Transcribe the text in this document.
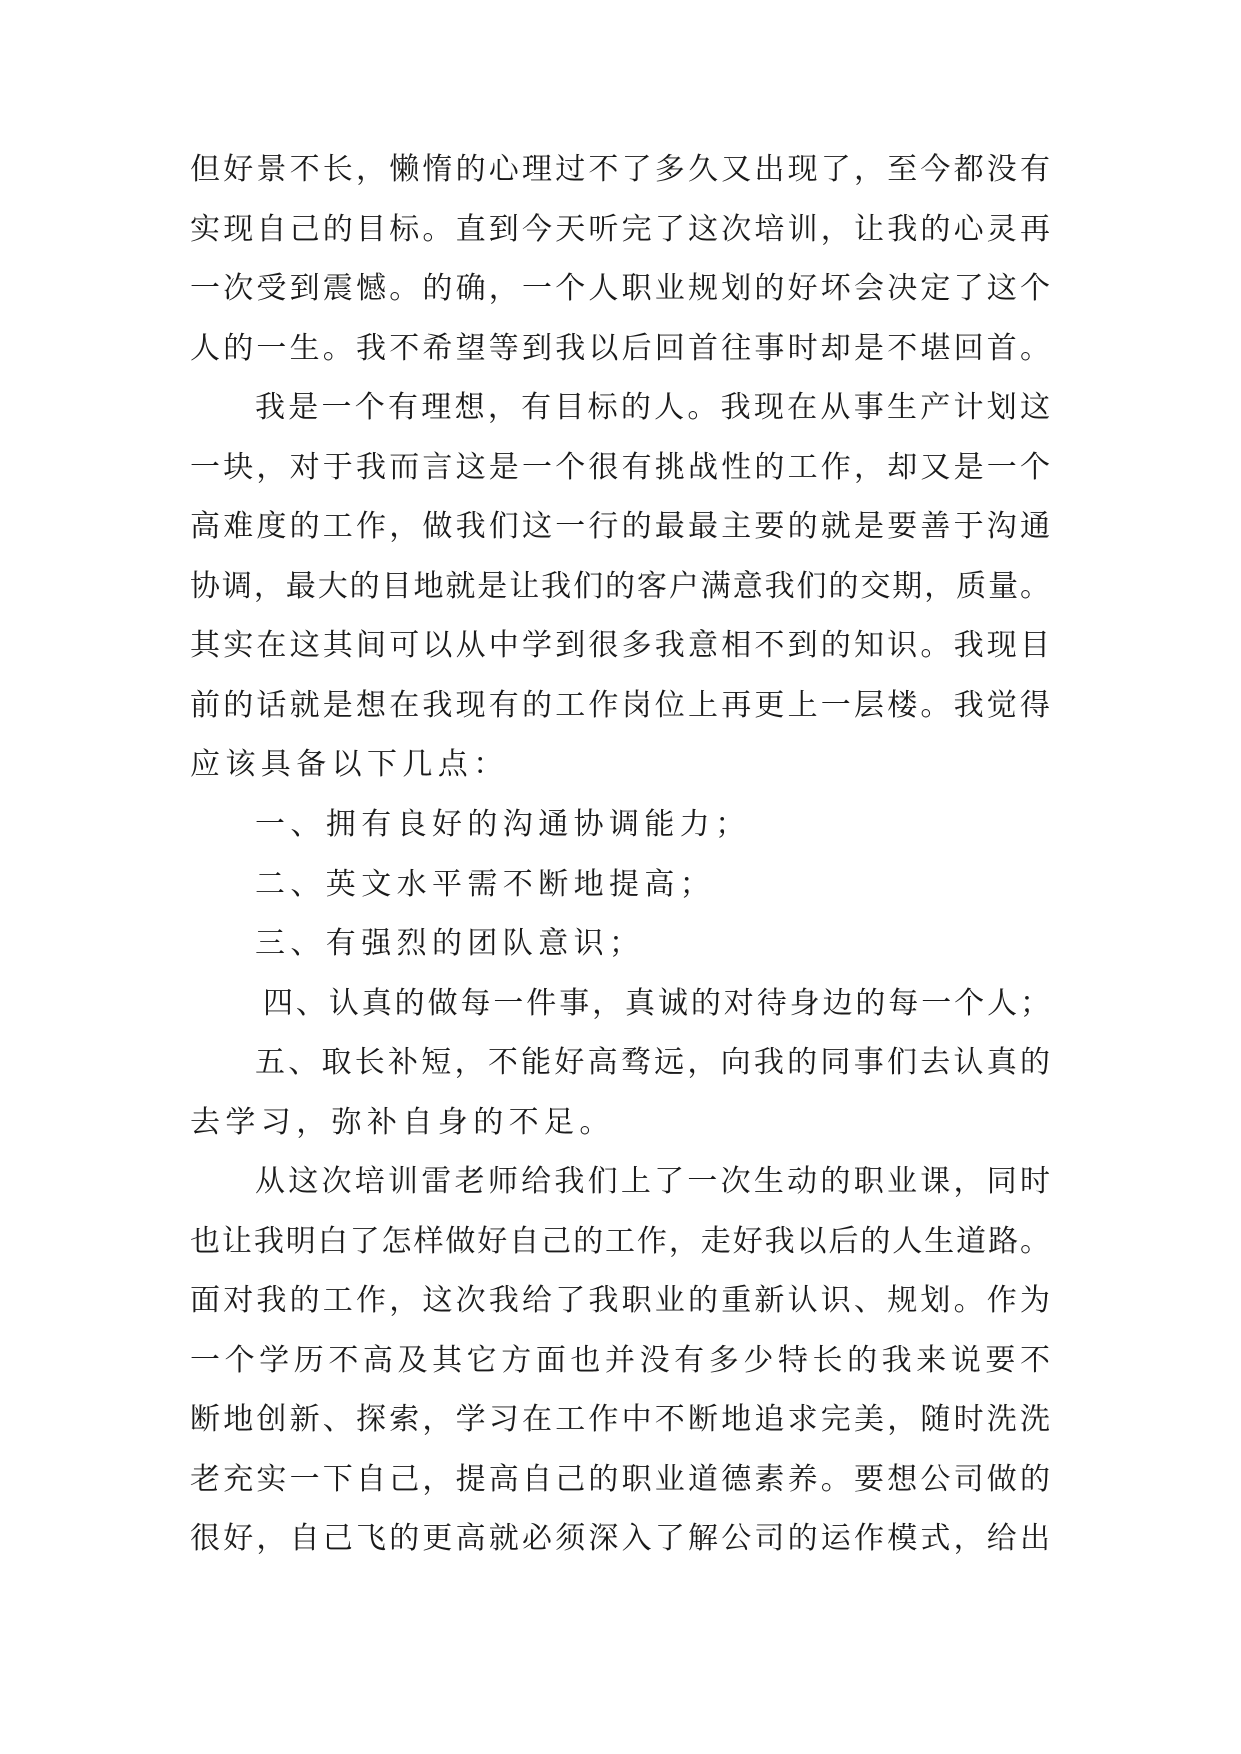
但好景不长，懒惰的心理过不了多久又出现了，至今都没有
实现自己的目标。直到今天听完了这次培训，让我的心灵再
一次受到震憾。的确，一个人职业规划的好坏会决定了这个
人的一生。我不希望等到我以后回首往事时却是不堪回首。
我是一个有理想，有目标的人。我现在从事生产计划这
一块，对于我而言这是一个很有挑战性的工作，却又是一个
高难度的工作，做我们这一行的最最主要的就是要善于沟通
协调，最大的目地就是让我们的客户满意我们的交期，质量。
其实在这其间可以从中学到很多我意相不到的知识。我现目
前的话就是想在我现有的工作岗位上再更上一层楼。我觉得
应该具备以下几点：
一、拥有良好的沟通协调能力；
二、英文水平需不断地提高；
三、有强烈的团队意识；
四、认真的做每一件事，真诚的对待身边的每一个人；
五、取长补短，不能好高骛远，向我的同事们去认真的
去学习，弥补自身的不足。
从这次培训雷老师给我们上了一次生动的职业课，同时
也让我明白了怎样做好自己的工作，走好我以后的人生道路。
面对我的工作，这次我给了我职业的重新认识、规划。作为
一个学历不高及其它方面也并没有多少特长的我来说要不
断地创新、探索，学习在工作中不断地追求完美，随时洗洗
老充实一下自己，提高自己的职业道德素养。要想公司做的
很好，自己飞的更高就必须深入了解公司的运作模式，给出
